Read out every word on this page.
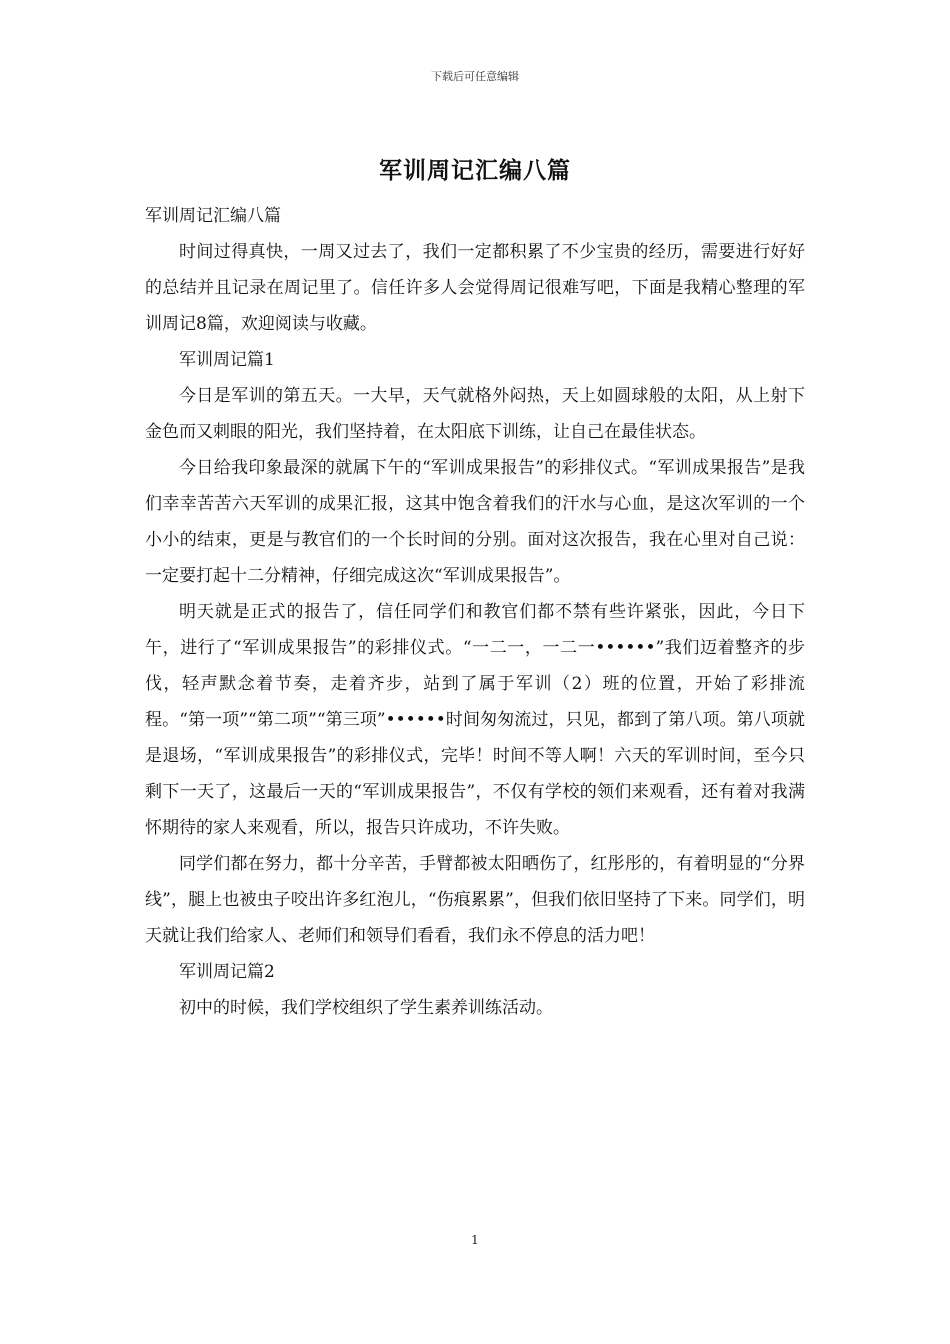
下载后可任意编辑
军训周记汇编八篇

军训周记汇编八篇

时间过得真快，一周又过去了，我们一定都积累了不少宝贵的经历，需要进行好好的总结并且记录在周记里了。信任许多人会觉得周记很难写吧，下面是我精心整理的军训周记8篇，欢迎阅读与收藏。

军训周记篇1

今日是军训的第五天。一大早，天气就格外闷热，天上如圆球般的太阳，从上射下金色而又刺眼的阳光，我们坚持着，在太阳底下训练，让自己在最佳状态。

今日给我印象最深的就属下午的“军训成果报告”的彩排仪式。“军训成果报告”是我们幸幸苦苦六天军训的成果汇报，这其中饱含着我们的汗水与心血，是这次军训的一个小小的结束，更是与教官们的一个长时间的分别。面对这次报告，我在心里对自己说：一定要打起十二分精神，仔细完成这次“军训成果报告”。

明天就是正式的报告了，信任同学们和教官们都不禁有些许紧张，因此，今日下午，进行了“军训成果报告”的彩排仪式。“一二一，一二一••••••”我们迈着整齐的步伐，轻声默念着节奏，走着齐步，站到了属于军训（2）班的位置，开始了彩排流程。“第一项”“第二项”“第三项”••••••时间匆匆流过，只见，都到了第八项。第八项就是退场，“军训成果报告”的彩排仪式，完毕！时间不等人啊！六天的军训时间，至今只剩下一天了，这最后一天的“军训成果报告”，不仅有学校的领们来观看，还有着对我满怀期待的家人来观看，所以，报告只许成功，不许失败。

同学们都在努力，都十分辛苦，手臂都被太阳晒伤了，红彤彤的，有着明显的“分界线”，腿上也被虫子咬出许多红泡儿，“伤痕累累”，但我们依旧坚持了下来。同学们，明天就让我们给家人、老师们和领导们看看，我们永不停息的活力吧！

军训周记篇2

初中的时候，我们学校组织了学生素养训练活动。

1
